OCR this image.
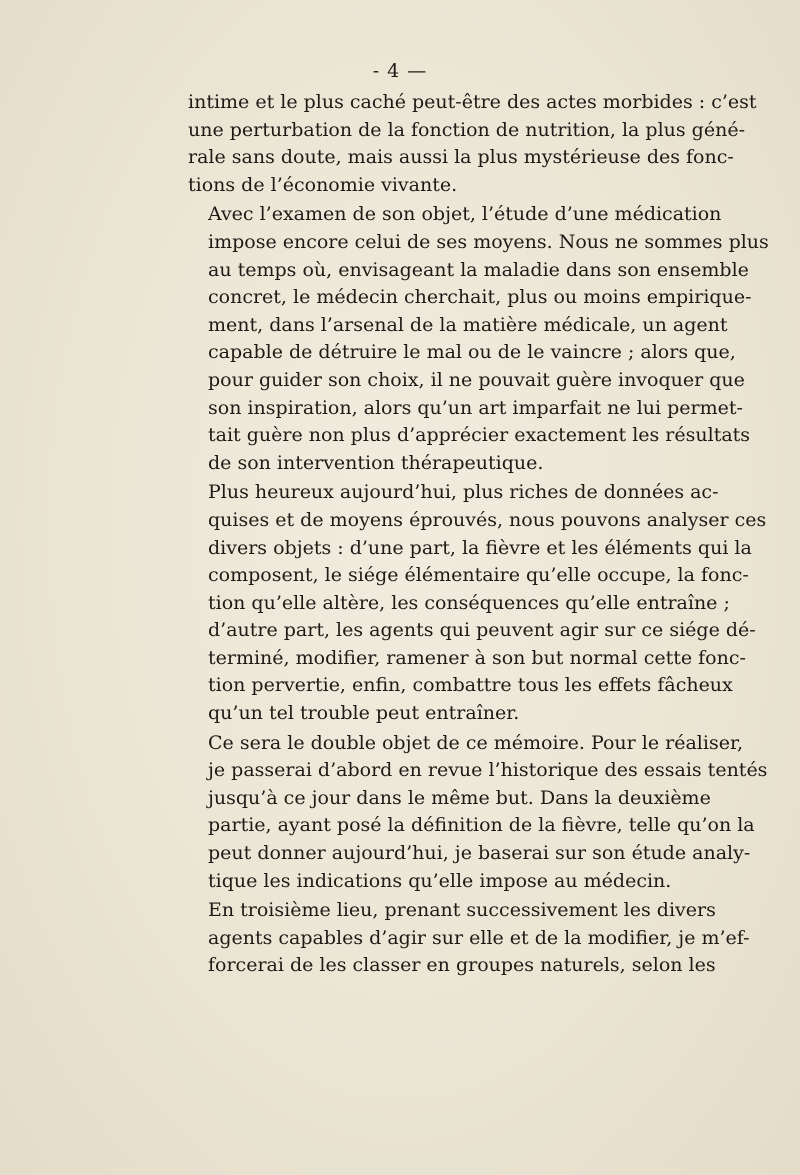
- 4 —
intime et le plus caché peut-être des actes morbides : c’est
une perturbation de la fonction de nutrition, la plus géné-
rale sans doute, mais aussi la plus mystérieuse des fonc-
tions de l’économie vivante.
Avec l’examen de son objet, l’étude d’une médication
impose encore celui de ses moyens. Nous ne sommes plus
au temps où, envisageant la maladie dans son ensemble
concret, le médecin cherchait, plus ou moins empirique-
ment, dans l’arsenal de la matière médicale, un agent
capable de détruire le mal ou de le vaincre ; alors que,
pour guider son choix, il ne pouvait guère invoquer que
son inspiration, alors qu’un art imparfait ne lui permet-
tait guère non plus d’apprécier exactement les résultats
de son intervention thérapeutique.
Plus heureux aujourd’hui, plus riches de données ac-
quises et de moyens éprouvés, nous pouvons analyser ces
divers objets : d’une part, la fièvre et les éléments qui la
composent, le siége élémentaire qu’elle occupe, la fonc-
tion qu’elle altère, les conséquences qu’elle entraîne ;
d’autre part, les agents qui peuvent agir sur ce siége dé-
terminé, modifier, ramener à son but normal cette fonc-
tion pervertie, enfin, combattre tous les effets fâcheux
qu’un tel trouble peut entraîner.
Ce sera le double objet de ce mémoire. Pour le réaliser,
je passerai d’abord en revue l’historique des essais tentés
jusqu’à ce jour dans le même but. Dans la deuxième
partie, ayant posé la définition de la fièvre, telle qu’on la
peut donner aujourd’hui, je baserai sur son étude analy-
tique les indications qu’elle impose au médecin.
En troisième lieu, prenant successivement les divers
agents capables d’agir sur elle et de la modifier, je m’ef-
forcerai de les classer en groupes naturels, selon les
